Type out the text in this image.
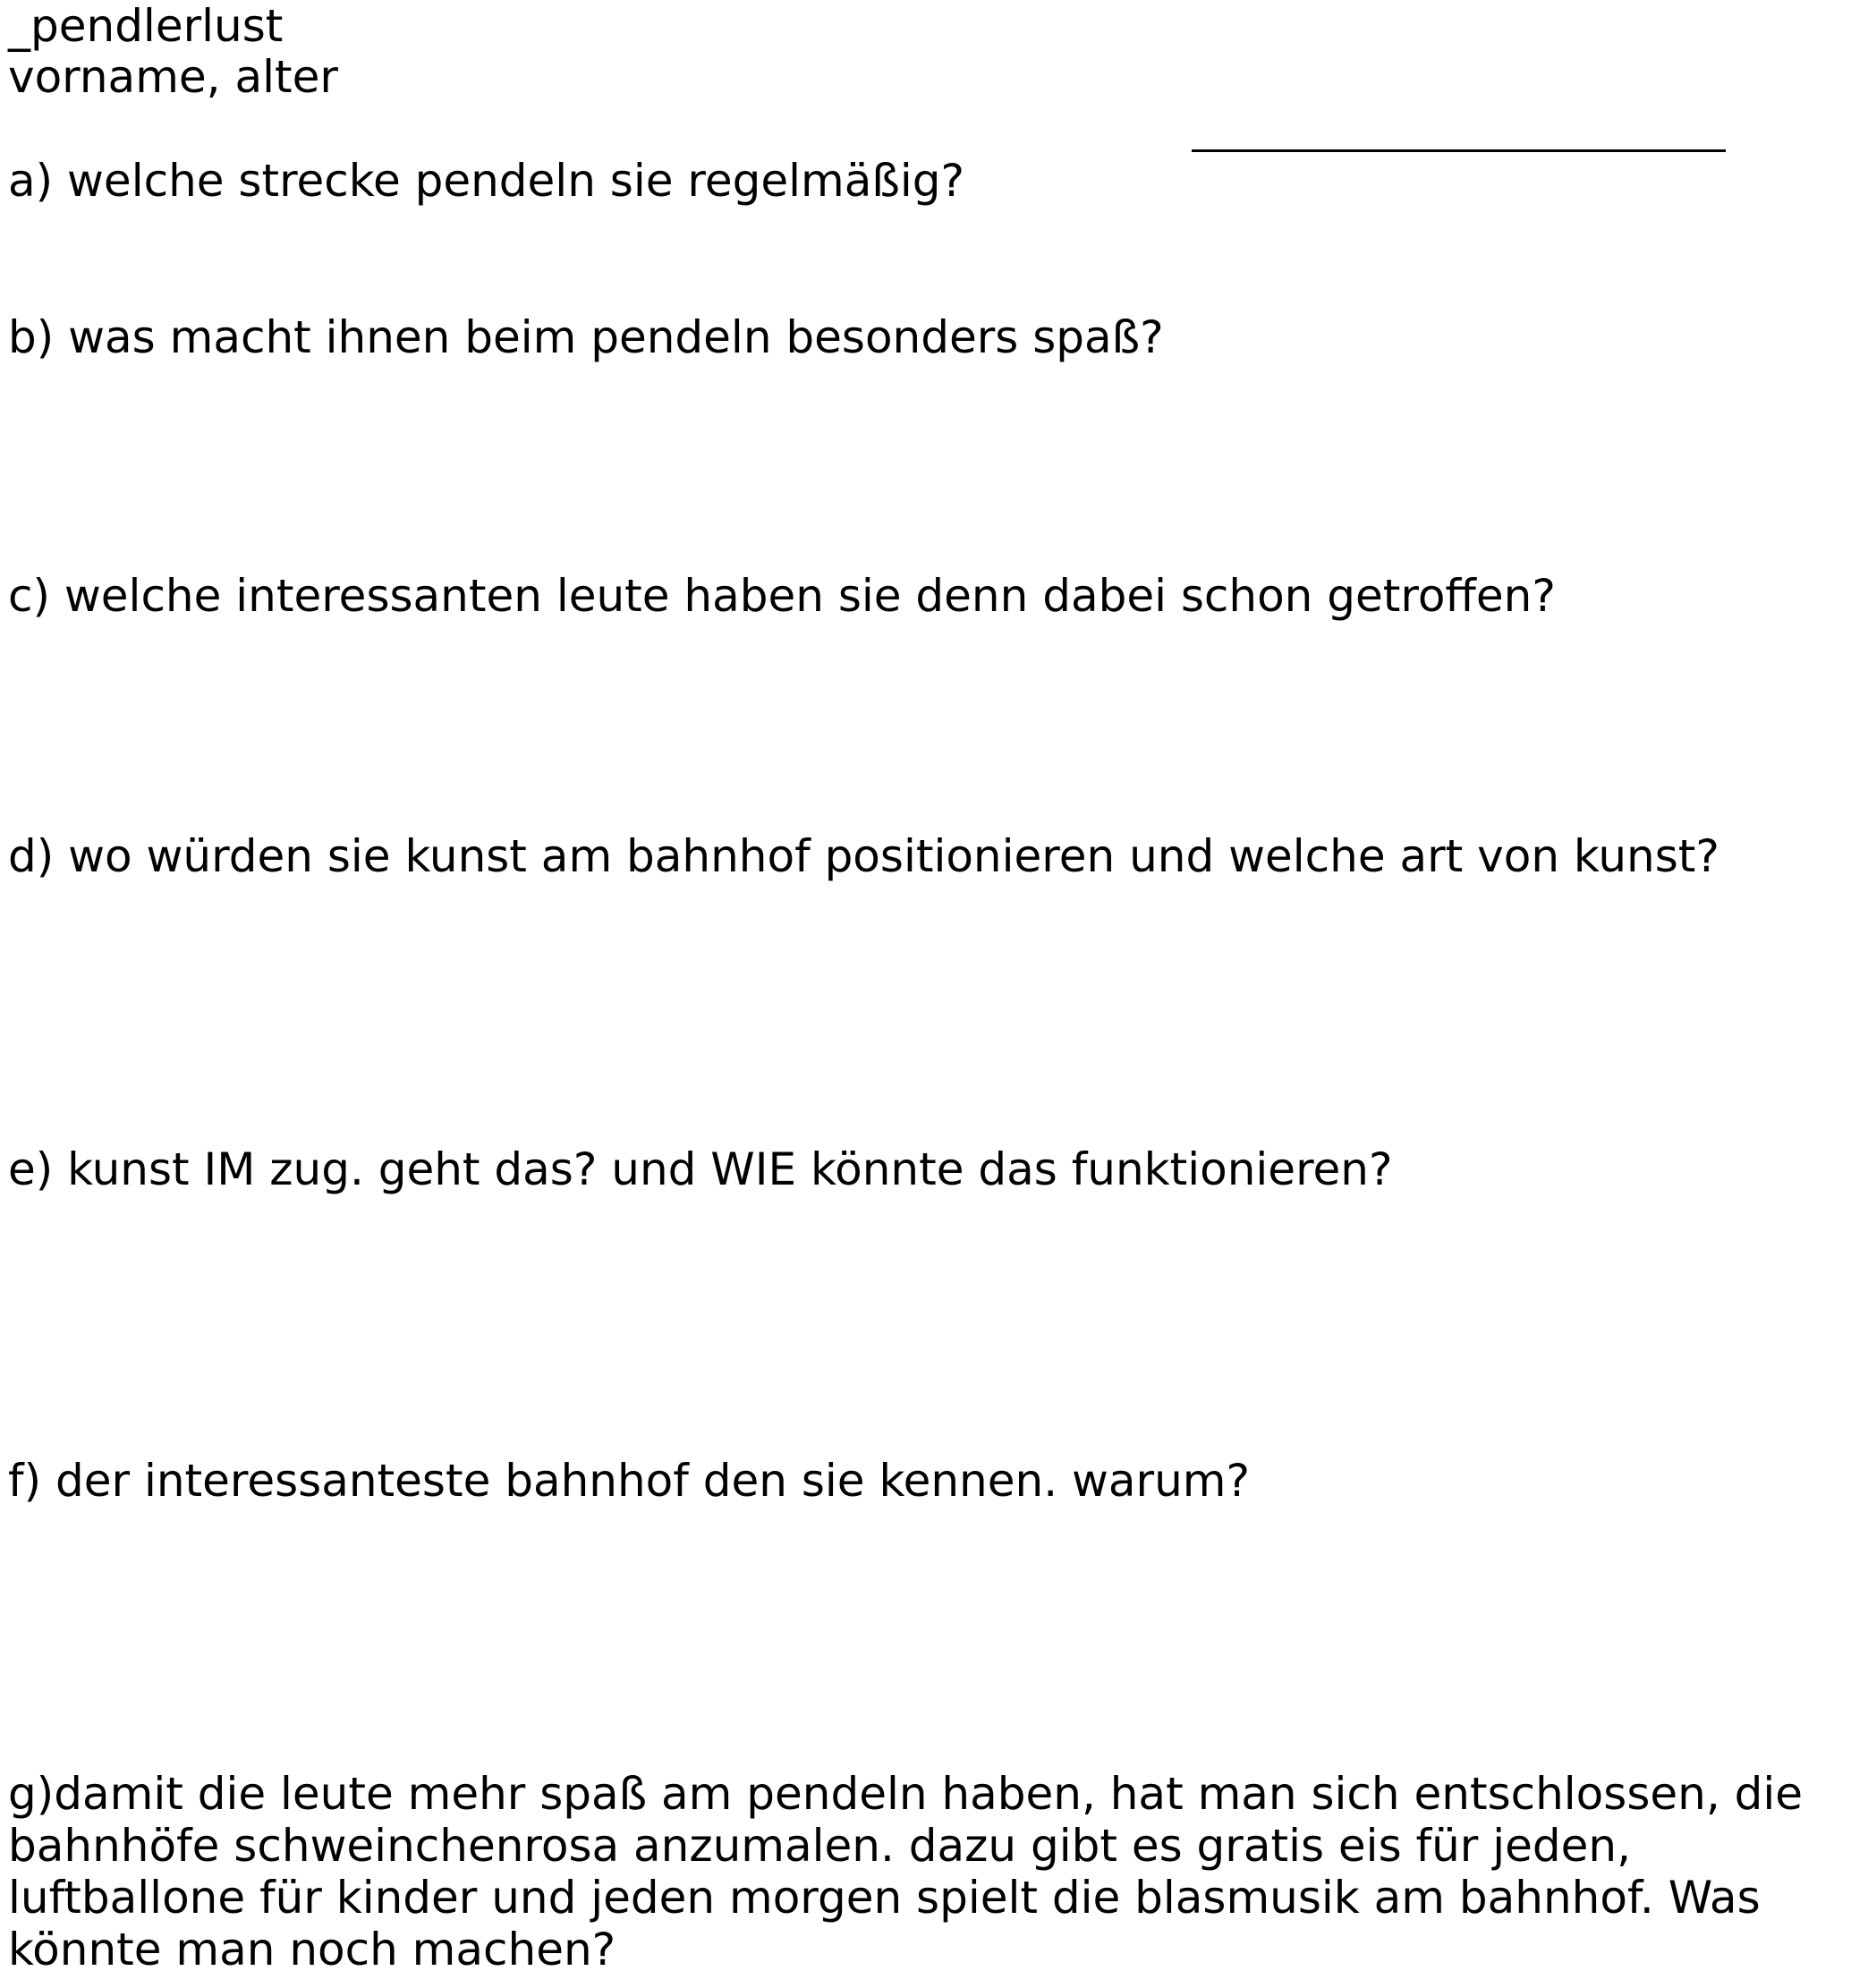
_pendlerlust
vorname, alter
a) welche strecke pendeln sie regelmäßig?
b) was macht ihnen beim pendeln besonders spaß?
c) welche interessanten leute haben sie denn dabei schon getroffen?
d) wo würden sie kunst am bahnhof positionieren und welche art von kunst?
e) kunst IM zug. geht das? und WIE könnte das funktionieren?
f) der interessanteste bahnhof den sie kennen. warum?
g)damit die leute mehr spaß am pendeln haben, hat man sich entschlossen, die
bahnhöfe schweinchenrosa anzumalen. dazu gibt es gratis eis für jeden,
luftballone für kinder und jeden morgen spielt die blasmusik am bahnhof. Was
könnte man noch machen?
